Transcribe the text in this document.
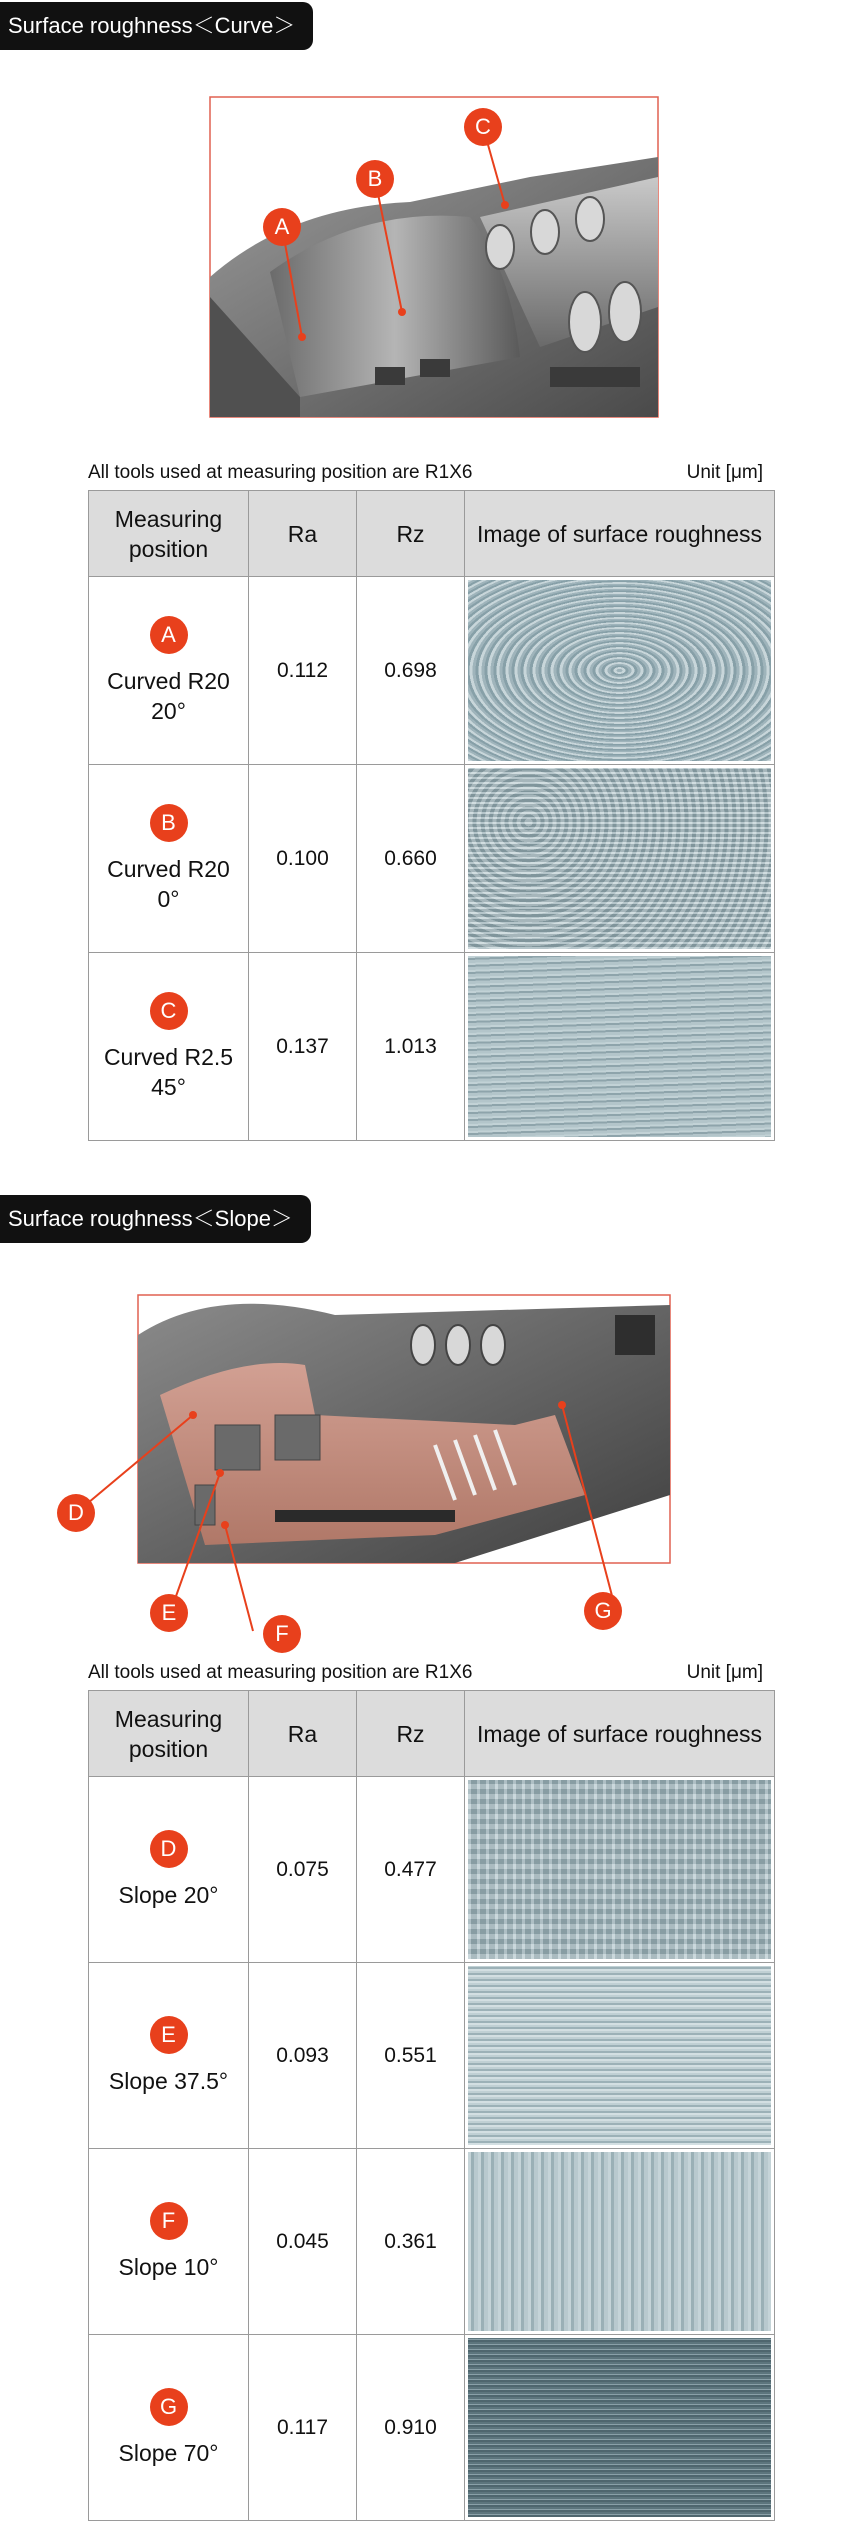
Surface roughness＜Curve＞
A
B
C
All tools used at measuring position are R1X6	Unit [μm]
Measuring position	Ra	Rz	Image of surface roughness

A
Curved R20
20°	0.112	0.698	

B
Curved R20
0°	0.100	0.660	

C
Curved R2.5
45°	0.137	1.013	
Surface roughness＜Slope＞
D
E
F
G
All tools used at measuring position are R1X6	Unit [μm]
Measuring position	Ra	Rz	Image of surface roughness

D
Slope 20°	0.075	0.477	

E
Slope 37.5°	0.093	0.551	

F
Slope 10°	0.045	0.361	

G
Slope 70°	0.117	0.910	
